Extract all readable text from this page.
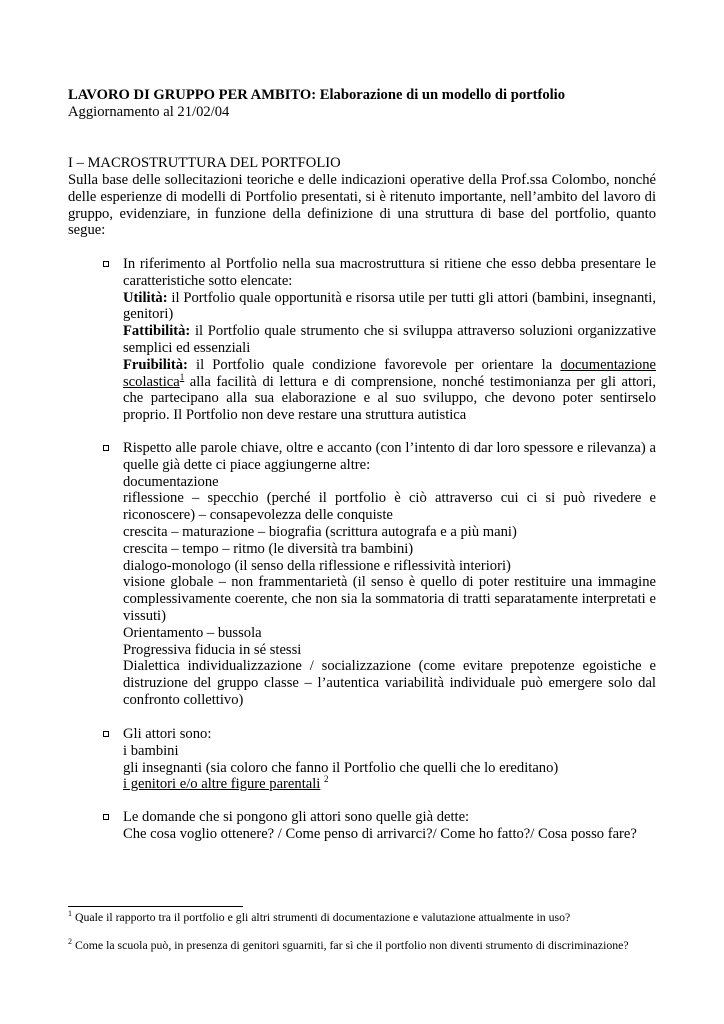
LAVORO DI GRUPPO PER AMBITO: Elaborazione di un modello di portfolio
Aggiornamento al 21/02/04
I – MACROSTRUTTURA DEL PORTFOLIO
Sulla base delle sollecitazioni teoriche e delle indicazioni operative della Prof.ssa Colombo, nonché delle esperienze di modelli di Portfolio presentati, si è ritenuto importante, nell’ambito del lavoro di gruppo, evidenziare, in funzione della definizione di una struttura di base del portfolio, quanto segue:
In riferimento al Portfolio nella sua macrostruttura si ritiene che esso debba presentare le caratteristiche sotto elencate:
Utilità: il Portfolio quale opportunità e risorsa utile per tutti gli attori (bambini, insegnanti, genitori)
Fattibilità: il Portfolio quale strumento che si sviluppa attraverso soluzioni organizzative semplici ed essenziali
Fruibilità: il Portfolio quale condizione favorevole per orientare la documentazione scolastica$^1$ alla facilità di lettura e di comprensione, nonché testimonianza per gli attori, che partecipano alla sua elaborazione e al suo sviluppo, che devono poter sentirselo proprio. Il Portfolio non deve restare una struttura autistica
Rispetto alle parole chiave, oltre e accanto (con l’intento di dar loro spessore e rilevanza) a quelle già dette ci piace aggiungerne altre:
documentazione
riflessione – specchio (perché il portfolio è ciò attraverso cui ci si può rivedere e riconoscere) – consapevolezza delle conquiste
crescita – maturazione – biografia (scrittura autografa e a più mani)
crescita – tempo – ritmo (le diversità tra bambini)
dialogo-monologo (il senso della riflessione e riflessività interiori)
visione globale – non frammentarietà (il senso è quello di poter restituire una immagine complessivamente coerente, che non sia la sommatoria di tratti separatamente interpretati e vissuti)
Orientamento – bussola
Progressiva fiducia in sé stessi
Dialettica individualizzazione / socializzazione (come evitare prepotenze egoistiche e distruzione del gruppo classe – l’autentica variabilità individuale può emergere solo dal confronto collettivo)
Gli attori sono:
i bambini
gli insegnanti (sia coloro che fanno il Portfolio che quelli che lo ereditano)
i genitori e/o altre figure parentali $^2$
Le domande che si pongono gli attori sono quelle già dette:
Che cosa voglio ottenere? / Come penso di arrivarci?/ Come ho fatto?/ Cosa posso fare?
$^1$ Quale il rapporto tra il portfolio e gli altri strumenti di documentazione e valutazione attualmente in uso?
$^2$ Come la scuola può, in presenza di genitori sguarniti, far sì che il portfolio non diventi strumento di discriminazione?
